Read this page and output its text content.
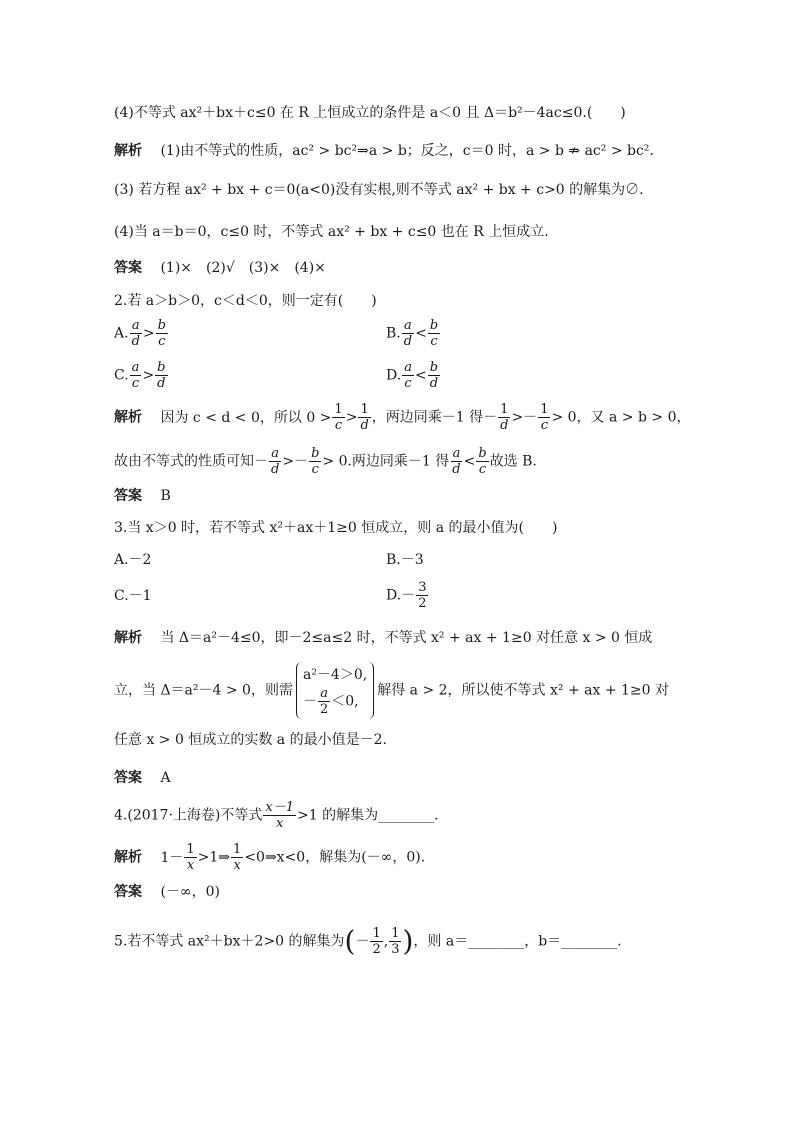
(4)不等式 ax²＋bx＋c≤0 在 R 上恒成立的条件是 a＜0 且 Δ＝b²－4ac≤0.(　　)
解析 (1)由不等式的性质，ac² > bc²⇒a > b；反之，c＝0 时，a > b ⇏ ac² > bc².
(3) 若方程 ax² + bx + c＝0(a<0)没有实根,则不等式 ax² + bx + c>0 的解集为∅.
(4)当 a＝b＝0，c≤0 时，不等式 ax² + bx + c≤0 也在 R 上恒成立.
答案 (1)×　(2)√　(3)×　(4)×
2.若 a＞b＞0，c＜d＜0，则一定有(　　)
A. $\frac{a}{d} > \frac{b}{c}$	B. $\frac{a}{d} < \frac{b}{c}$
C. $\frac{a}{c} > \frac{b}{d}$	D. $\frac{a}{c} < \frac{b}{d}$
解析 因为 c < d < 0，所以 $0 > \frac{1}{c} > \frac{1}{d}$ ，两边同乘－1 得－ $\frac{1}{d} >- \frac{1}{c} > 0$，又 a > b > 0，
故由不等式的性质可知－ $\frac{a}{d} >- \frac{b}{c} > 0$.两边同乘－1 得 $\frac{a}{d} < \frac{b}{c}$ 故选 B.
答案 B
3.当 x＞0 时，若不等式 x²＋ax＋1≥0 恒成立，则 a 的最小值为(　　)
A.－2	B.－3
C.－1	$D.- \frac{3}{2}$
解析 当 Δ＝a²－4≤0，即－2≤a≤2 时，不等式 x² + ax + 1≥0 对任意 x > 0 恒成
立，当 Δ＝a²－4 > 0，则需
a²－4＞0,
－ $\frac{a}{2} <0$,
解得 a > 2，所以使不等式 x² + ax + 1≥0 对
任意 x > 0 恒成立的实数 a 的最小值是－2.
答案 A
4.(2017·上海卷)不等式 $\frac{x-1}{x} >1$ 的解集为________.
解析 $1- \frac{1}{x}$ >1⇒ $\frac{1}{x}$ <0⇒x<0，解集为(－∞，0).
答案 (－∞，0)
5.若不等式 ax²＋bx＋2>0 的解集为(－ $\frac{1}{2}$ , $\frac{1}{3}$ )，则 a＝________，b＝________.
